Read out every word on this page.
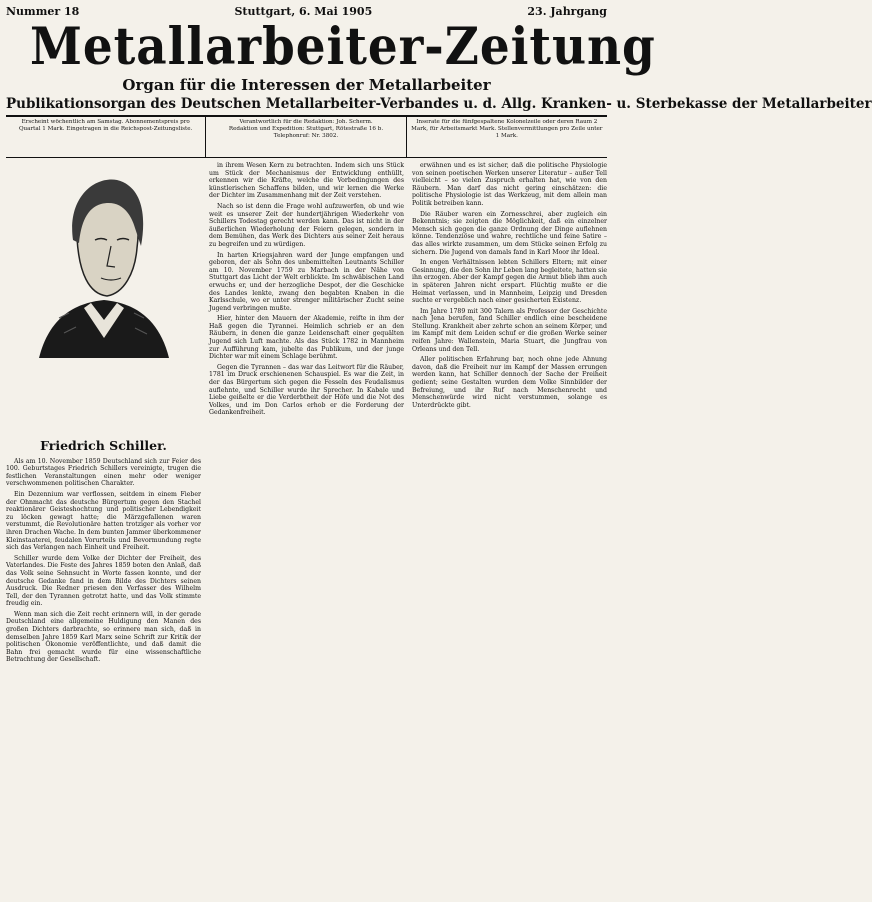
Nummer 18	Stuttgart, 6. Mai 1905	23. Jahrgang
Metallarbeiter-Zeitung
Organ für die Interessen der Metallarbeiter
Publikationsorgan des Deutschen Metallarbeiter-Verbandes u. d. Allg. Kranken- u. Sterbekasse der Metallarbeiter
Erscheint wöchentlich am Samstag. Abonnementspreis pro Quartal 1 Mark. Eingetragen in die Reichspost-Zeitungsliste.
Verantwortlich für die Redaktion: Joh. Scherm.
Redaktion und Expedition: Stuttgart, Rötestraße 16 b.
Telephonruf: Nr. 3802.
Inserate für die fünfgespaltene Kolonelzeile oder deren Raum 2 Mark, für Arbeitsmarkt Mark. Stellenvermittlungen pro Zeile unter 1 Mark.
Friedrich Schiller.

Als am 10. November 1859 Deutschland sich zur Feier des 100. Geburtstages Friedrich Schillers vereinigte, trugen die festlichen Veranstaltungen einen mehr oder weniger verschwommenen politischen Charakter.

Ein Dezennium war verflossen, seitdem in einem Fieber der Ohnmacht das deutsche Bürgertum gegen den Stachel reaktionärer Geisteshochtung und politischer Lebendigkeit zu löcken gewagt hatte; die Märzgefallenen waren verstummt, die Revolutionäre hatten trotziger als vorher vor ihren Drachen Wache. In dem bunten Jammer überkommener Kleinstaaterei, feudalen Vorurteils und Bevormundung regte sich das Verlangen nach Einheit und Freiheit.

Schiller wurde dem Volke der Dichter der Freiheit, des Vaterlandes. Die Feste des Jahres 1859 boten den Anlaß, daß das Volk seine Sehnsucht in Worte fassen konnte, und der deutsche Gedanke fand in dem Bilde des Dichters seinen Ausdruck. Die Redner priesen den Verfasser des Wilhelm Tell, der den Tyrannen getrotzt hatte, und das Volk stimmte freudig ein.

Wenn man sich die Zeit recht erinnern will, in der gerade Deutschland eine allgemeine Huldigung den Manen des großen Dichters darbrachte, so erinnere man sich, daß in demselben Jahre 1859 Karl Marx seine Schrift zur Kritik der politischen Ökonomie veröffentlichte, und daß damit die Bahn frei gemacht wurde für eine wissenschaftliche Betrachtung der Gesellschaft.

in ihrem Wesen Kern zu betrachten. Indem sich uns Stück um Stück der Mechanismus der Entwicklung enthüllt, erkennen wir die Kräfte, welche die Vorbedingungen des künstlerischen Schaffens bilden, und wir lernen die Werke der Dichter im Zusammenhang mit der Zeit verstehen.

Nach so ist denn die Frage wohl aufzuwerfen, ob und wie weit es unserer Zeit der hundertjährigen Wiederkehr von Schillers Todestag gerecht werden kann. Das ist nicht in der äußerlichen Wiederholung der Feiern gelegen, sondern in dem Bemühen, das Werk des Dichters aus seiner Zeit heraus zu begreifen und zu würdigen.

In harten Kriegsjahren ward der Junge empfangen und geboren, der als Sohn des unbemittelten Leutnants Schiller am 10. November 1759 zu Marbach in der Nähe von Stuttgart das Licht der Welt erblickte. Im schwäbischen Land erwuchs er, und der herzogliche Despot, der die Geschicke des Landes lenkte, zwang den begabten Knaben in die Karlsschule, wo er unter strenger militärischer Zucht seine Jugend verbringen mußte.

Hier, hinter den Mauern der Akademie, reifte in ihm der Haß gegen die Tyrannei. Heimlich schrieb er an den Räubern, in denen die ganze Leidenschaft einer gequälten Jugend sich Luft machte. Als das Stück 1782 in Mannheim zur Aufführung kam, jubelte das Publikum, und der junge Dichter war mit einem Schlage berühmt.

Gegen die Tyrannen – das war das Leitwort für die Räuber, 1781 im Druck erschienenen Schauspiel. Es war die Zeit, in der das Bürgertum sich gegen die Fesseln des Feudalismus auflehnte, und Schiller wurde ihr Sprecher. In Kabale und Liebe geißelte er die Verderbtheit der Höfe und die Not des Volkes, und im Don Carlos erhob er die Forderung der Gedankenfreiheit.

erwähnen und es ist sicher, daß die politische Physiologie von seinen poetischen Werken unserer Literatur – außer Tell vielleicht – so vielen Zuspruch erhalten hat, wie von den Räubern. Man darf das nicht gering einschätzen: die politische Physiologie ist das Werkzeug, mit dem allein man Politik betreiben kann.

Die Räuber waren ein Zornesschrei, aber zugleich ein Bekenntnis; sie zeigten die Möglichkeit, daß ein einzelner Mensch sich gegen die ganze Ordnung der Dinge auflehnen könne. Tendenziöse und wahre, rechtliche und feine Satire – das alles wirkte zusammen, um dem Stücke seinen Erfolg zu sichern. Die Jugend von damals fand in Karl Moor ihr Ideal.

In engen Verhältnissen lebten Schillers Eltern; mit einer Gesinnung, die den Sohn ihr Leben lang begleitete, hatten sie ihn erzogen. Aber der Kampf gegen die Armut blieb ihm auch in späteren Jahren nicht erspart. Flüchtig mußte er die Heimat verlassen, und in Mannheim, Leipzig und Dresden suchte er vergeblich nach einer gesicherten Existenz.

Im Jahre 1789 mit 300 Talern als Professor der Geschichte nach Jena berufen, fand Schiller endlich eine bescheidene Stellung. Krankheit aber zehrte schon an seinem Körper, und im Kampf mit dem Leiden schuf er die großen Werke seiner reifen Jahre: Wallenstein, Maria Stuart, die Jungfrau von Orleans und den Tell.

Aller politischen Erfahrung bar, noch ohne jede Ahnung davon, daß die Freiheit nur im Kampf der Massen errungen werden kann, hat Schiller dennoch der Sache der Freiheit gedient; seine Gestalten wurden dem Volke Sinnbilder der Befreiung, und ihr Ruf nach Menschenrecht und Menschenwürde wird nicht verstummen, solange es Unterdrückte gibt.
